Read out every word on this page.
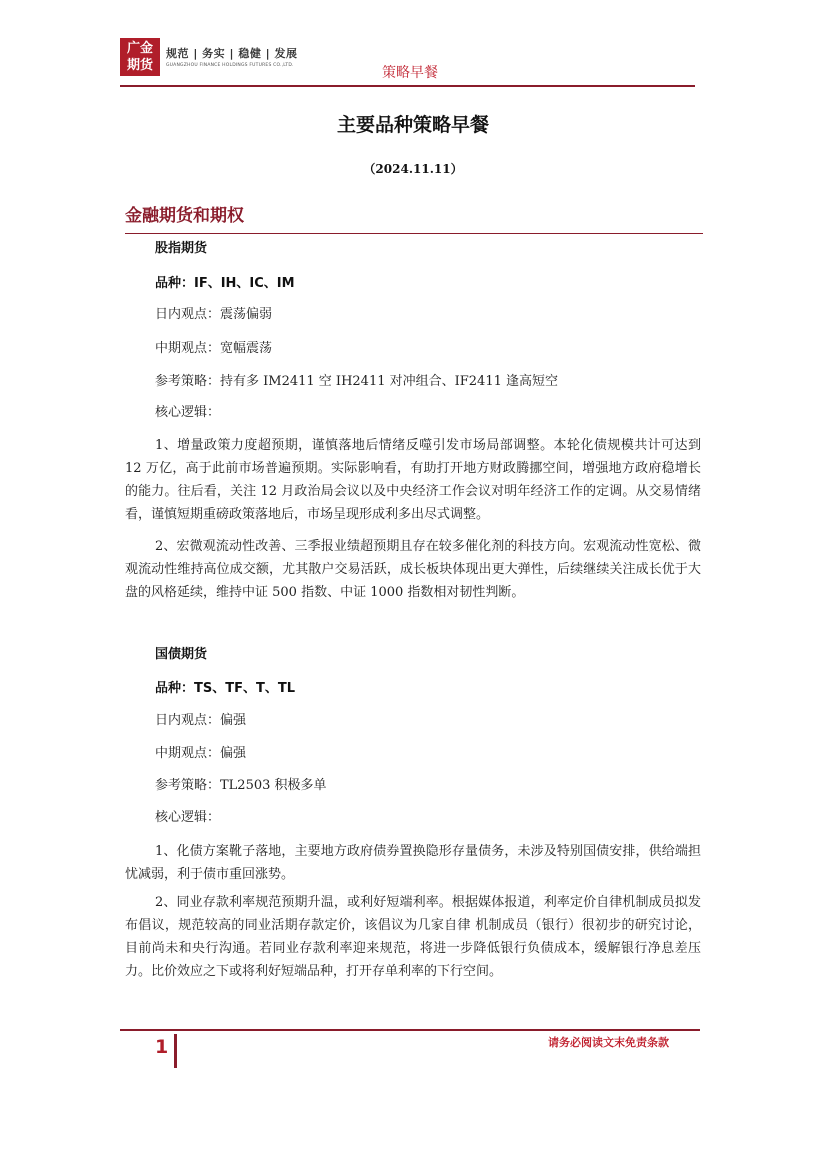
广金
期货
规范 | 务实 | 稳健 | 发展
GUANGZHOU FINANCE HOLDINGS FUTURES CO.,LTD.	策略早餐
主要品种策略早餐
（2024.11.11）
金融期货和期权
股指期货
品种：IF、IH、IC、IM
日内观点：震荡偏弱
中期观点：宽幅震荡
参考策略：持有多 IM2411 空 IH2411 对冲组合、IF2411 逢高短空
核心逻辑：
1、增量政策力度超预期，谨慎落地后情绪反噬引发市场局部调整。本轮化债规模共计可达到 12 万亿，高于此前市场普遍预期。实际影响看，有助打开地方财政腾挪空间，增强地方政府稳增长的能力。往后看，关注 12 月政治局会议以及中央经济工作会议对明年经济工作的定调。从交易情绪看，谨慎短期重磅政策落地后，市场呈现形成利多出尽式调整。
2、宏微观流动性改善、三季报业绩超预期且存在较多催化剂的科技方向。宏观流动性宽松、微观流动性维持高位成交额，尤其散户交易活跃，成长板块体现出更大弹性，后续继续关注成长优于大盘的风格延续，维持中证 500 指数、中证 1000 指数相对韧性判断。
国债期货
品种：TS、TF、T、TL
日内观点：偏强
中期观点：偏强
参考策略：TL2503 积极多单
核心逻辑：
1、化债方案靴子落地，主要地方政府债券置换隐形存量债务，未涉及特别国债安排，供给端担忧减弱，利于债市重回涨势。
2、同业存款利率规范预期升温，或利好短端利率。根据媒体报道，利率定价自律机制成员拟发布倡议，规范较高的同业活期存款定价，该倡议为几家自律 机制成员（银行）很初步的研究讨论，目前尚未和央行沟通。若同业存款利率迎来规范，将进一步降低银行负债成本，缓解银行净息差压力。比价效应之下或将利好短端品种，打开存单利率的下行空间。
1	请务必阅读文末免责条款
